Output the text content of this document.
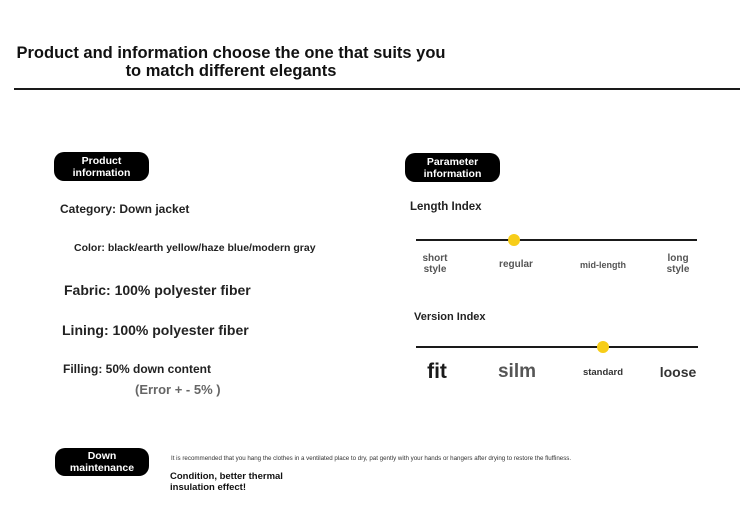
Product and information choose the one that suits you
to match different elegants
Product
information
Category: Down jacket
Color: black/earth yellow/haze blue/modern gray
Fabric: 100% polyester fiber
Lining: 100% polyester fiber
Filling: 50% down content
(Error + - 5% )
Parameter
information
Length Index
short
style	regular	mid-length
long
style
Version Index
fit	silm	standard	loose
Down
maintenance
It is recommended that you hang the clothes in a ventilated place to dry, pat gently with your hands or hangers after drying to restore the fluffiness.
Condition, better thermal
insulation effect!
